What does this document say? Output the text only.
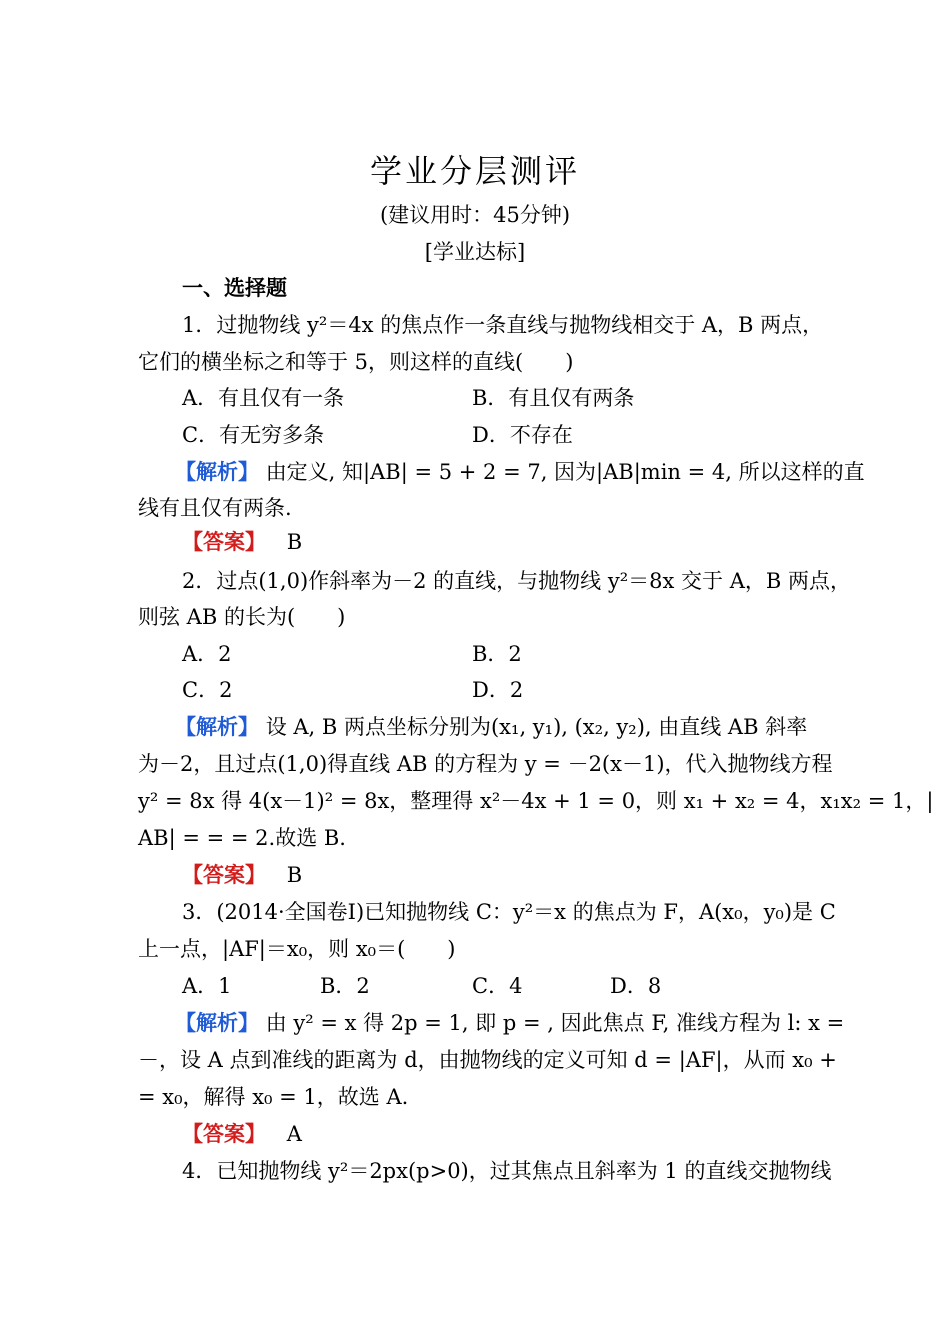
学业分层测评
(建议用时：45分钟)
[学业达标]
一、选择题
1．过抛物线 y²＝4x 的焦点作一条直线与抛物线相交于 A，B 两点，
它们的横坐标之和等于 5，则这样的直线(　　)
A．有且仅有一条	B．有且仅有两条
C．有无穷多条	D．不存在
【解析】 由定义, 知|AB| = 5 + 2 = 7, 因为|AB|min = 4, 所以这样的直
线有且仅有两条.
【答案】 B
2．过点(1,0)作斜率为－2 的直线，与抛物线 y²＝8x 交于 A，B 两点，
则弦 AB 的长为(　　)
A．2	B．2
C．2	D．2
【解析】 设 A, B 两点坐标分别为(x₁, y₁), (x₂, y₂), 由直线 AB 斜率
为－2，且过点(1,0)得直线 AB 的方程为 y = －2(x－1)，代入抛物线方程
y² = 8x 得 4(x－1)² = 8x，整理得 x²－4x + 1 = 0，则 x₁ + x₂ = 4，x₁x₂ = 1，|
AB| = = = 2.故选 B.
【答案】 B
3．(2014·全国卷Ⅰ)已知抛物线 C：y²＝x 的焦点为 F，A(x₀，y₀)是 C
上一点，|AF|＝x₀，则 x₀＝(　　)
A．1	B．2	C．4	D．8
【解析】 由 y² = x 得 2p = 1, 即 p = , 因此焦点 F, 准线方程为 l: x =
－，设 A 点到准线的距离为 d，由抛物线的定义可知 d = |AF|，从而 x₀ +
= x₀，解得 x₀ = 1，故选 A.
【答案】 A
4．已知抛物线 y²＝2px(p>0)，过其焦点且斜率为 1 的直线交抛物线
